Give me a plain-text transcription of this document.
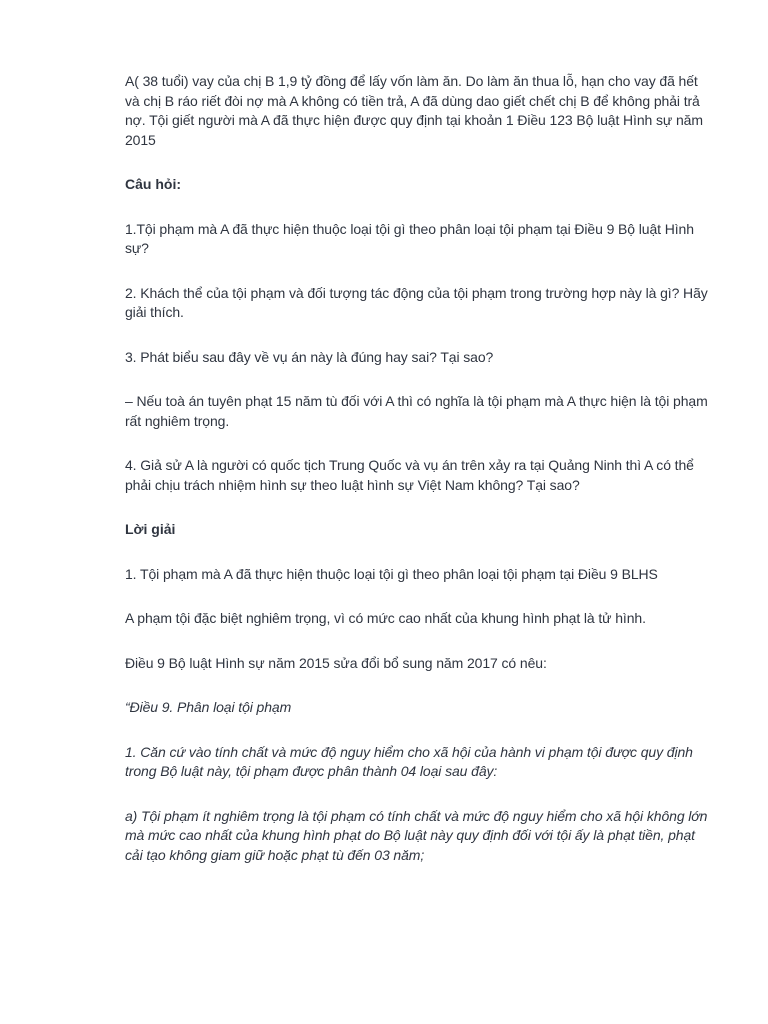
A( 38 tuổi) vay của chị B 1,9 tỷ đồng để lấy vốn làm ăn. Do làm ăn thua lỗ, hạn cho vay đã hết và chị B ráo riết đòi nợ mà A không có tiền trả, A đã dùng dao giết chết chị B để không phải trả nợ. Tội giết người mà A đã thực hiện được quy định tại khoản 1 Điều 123 Bộ luật Hình sự năm 2015

Câu hỏi:

1.Tội phạm mà A đã thực hiện thuộc loại tội gì theo phân loại tội phạm tại Điều 9 Bộ luật Hình sự?

2. Khách thể của tội phạm và đối tượng tác động của tội phạm trong trường hợp này là gì? Hãy giải thích.

3. Phát biểu sau đây về vụ án này là đúng hay sai? Tại sao?

– Nếu toà án tuyên phạt 15 năm tù đối với A thì có nghĩa là tội phạm mà A thực hiện là tội phạm rất nghiêm trọng.

4. Giả sử A là người có quốc tịch Trung Quốc và vụ án trên xảy ra tại Quảng Ninh thì A có thể phải chịu trách nhiệm hình sự theo luật hình sự Việt Nam không? Tại sao?

Lời giải

1. Tội phạm mà A đã thực hiện thuộc loại tội gì theo phân loại tội phạm tại Điều 9 BLHS

A phạm tội đặc biệt nghiêm trọng, vì có mức cao nhất của khung hình phạt là tử hình.

Điều 9 Bộ luật Hình sự năm 2015 sửa đổi bổ sung năm 2017 có nêu:

“Điều 9. Phân loại tội phạm

1. Căn cứ vào tính chất và mức độ nguy hiểm cho xã hội của hành vi phạm tội được quy định trong Bộ luật này, tội phạm được phân thành 04 loại sau đây:

a) Tội phạm ít nghiêm trọng là tội phạm có tính chất và mức độ nguy hiểm cho xã hội không lớn mà mức cao nhất của khung hình phạt do Bộ luật này quy định đối với tội ấy là phạt tiền, phạt cải tạo không giam giữ hoặc phạt tù đến 03 năm;
